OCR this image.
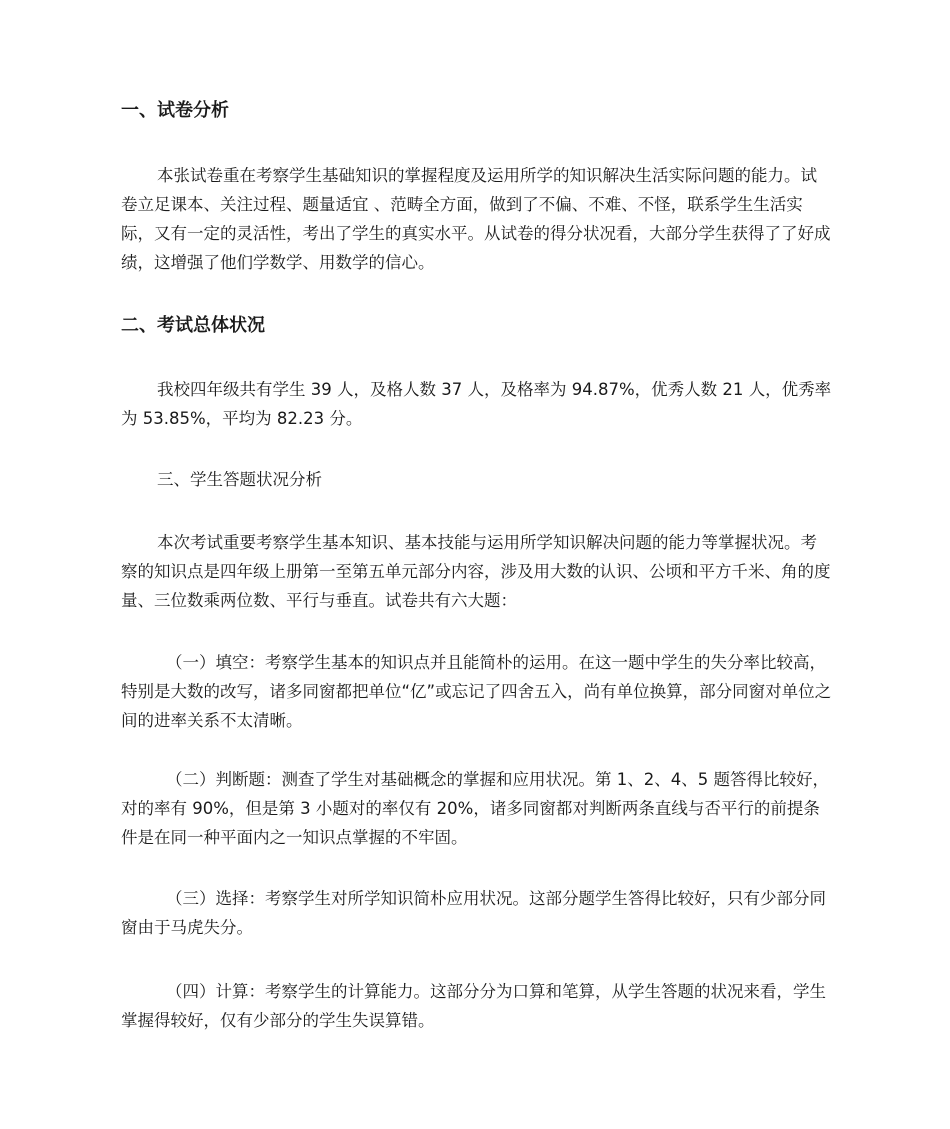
一、试卷分析

本张试卷重在考察学生基础知识的掌握程度及运用所学的知识解决生活实际问题的能力。试卷立足课本、关注过程、题量适宜 、范畴全方面，做到了不偏、不难、不怪，联系学生生活实际，又有一定的灵活性，考出了学生的真实水平。从试卷的得分状况看，大部分学生获得了了好成绩，这增强了他们学数学、用数学的信心。

二、考试总体状况

我校四年级共有学生 39 人，及格人数 37 人，及格率为 94.87%，优秀人数 21 人，优秀率为 53.85%，平均为 82.23 分。

三、学生答题状况分析

本次考试重要考察学生基本知识、基本技能与运用所学知识解决问题的能力等掌握状况。考察的知识点是四年级上册第一至第五单元部分内容，涉及用大数的认识、公顷和平方千米、角的度量、三位数乘两位数、平行与垂直。试卷共有六大题：

（一）填空：考察学生基本的知识点并且能简朴的运用。在这一题中学生的失分率比较高，特别是大数的改写，诸多同窗都把单位“亿”或忘记了四舍五入，尚有单位换算，部分同窗对单位之间的进率关系不太清晰。

（二）判断题：测查了学生对基础概念的掌握和应用状况。第 1、2、4、5 题答得比较好，对的率有 90%，但是第 3 小题对的率仅有 20%，诸多同窗都对判断两条直线与否平行的前提条件是在同一种平面内之一知识点掌握的不牢固。

（三）选择：考察学生对所学知识简朴应用状况。这部分题学生答得比较好，只有少部分同窗由于马虎失分。

（四）计算：考察学生的计算能力。这部分分为口算和笔算，从学生答题的状况来看，学生掌握得较好，仅有少部分的学生失误算错。
